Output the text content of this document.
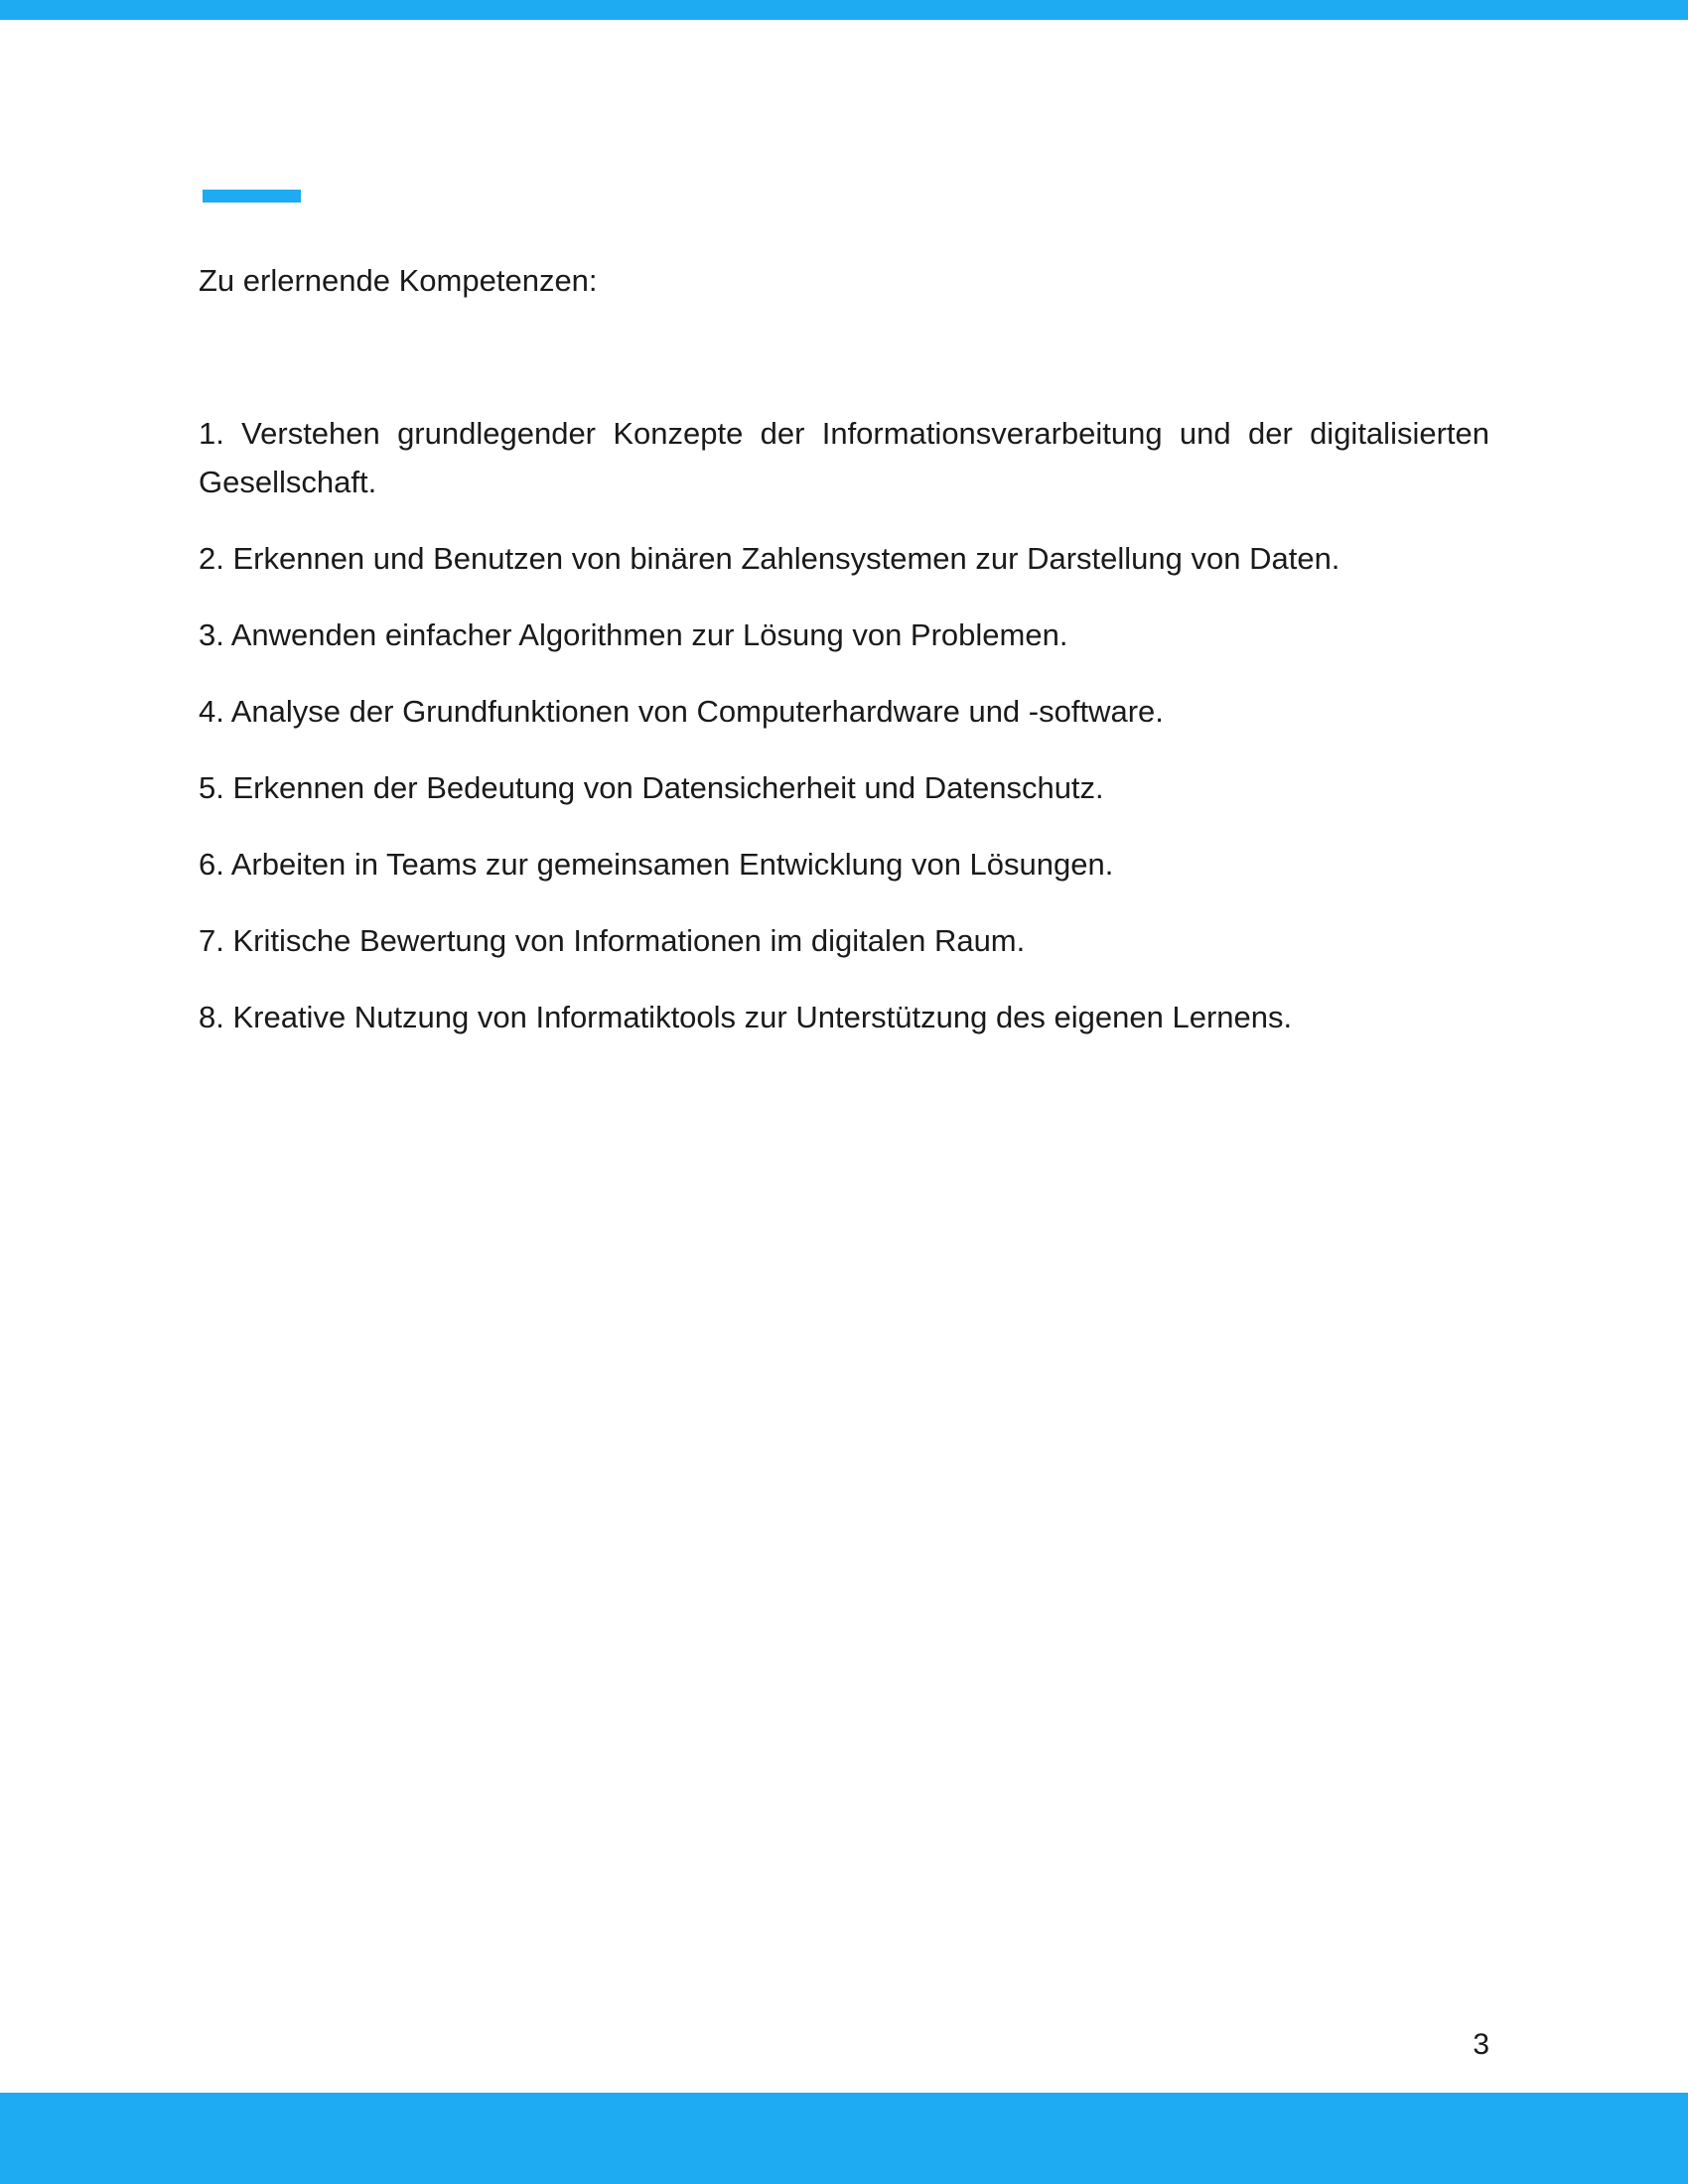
Zu erlernende Kompetenzen:

1. Verstehen grundlegender Konzepte der Informationsverarbeitung und der digitalisierten Gesellschaft.

2. Erkennen und Benutzen von binären Zahlensystemen zur Darstellung von Daten.

3. Anwenden einfacher Algorithmen zur Lösung von Problemen.

4. Analyse der Grundfunktionen von Computerhardware und -software.

5. Erkennen der Bedeutung von Datensicherheit und Datenschutz.

6. Arbeiten in Teams zur gemeinsamen Entwicklung von Lösungen.

7. Kritische Bewertung von Informationen im digitalen Raum.

8. Kreative Nutzung von Informatiktools zur Unterstützung des eigenen Lernens.

3
